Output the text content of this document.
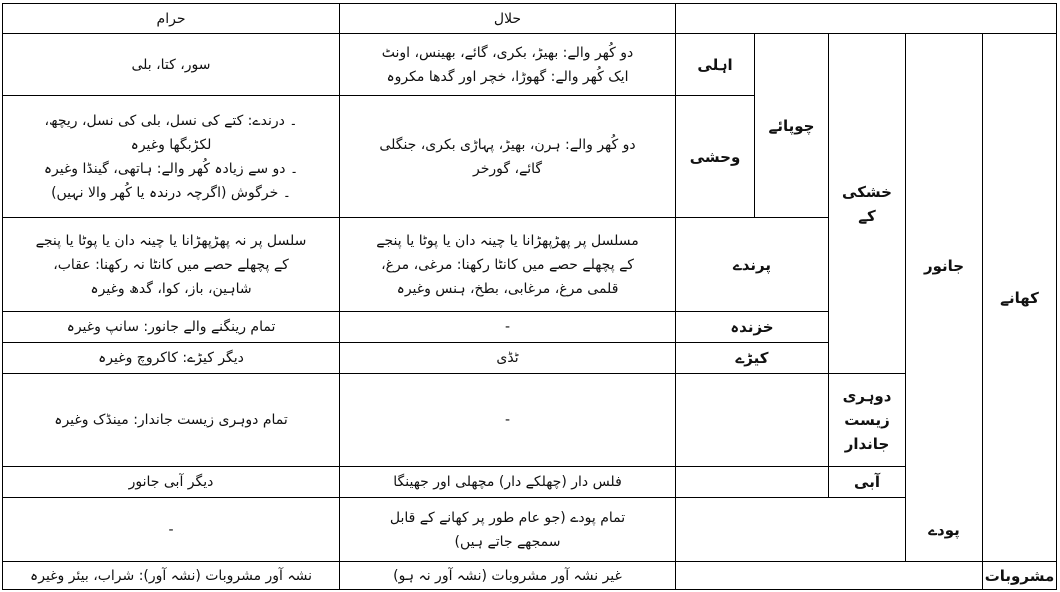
حرام	حلال
کھانے
جانور
خشکی
کے
چوپائے
اہلی
وحشی
پرندے
خزندہ
کیڑے
دوہری
زیست
جاندار
آبی
پودے
مشروبات
دو کُھر والے: بھیڑ، بکری، گائے، بھینس، اونٹ
ایک کُھر والے: گھوڑا، خچر اور گدھا مکروہ
دو کُھر والے: ہرن، بھیڑ، پہاڑی بکری، جنگلی
گائے، گورخر
مسلسل پر پھڑپھڑانا یا چینہ دان یا پوٹا یا پنجے
کے پچھلے حصے میں کانٹا رکھنا: مرغی، مرغ،
قلمی مرغ، مرغابی، بطخ، ہنس وغیرہ
-
ٹڈی
-
فلس دار (چھلکے دار) مچھلی اور جھینگا
تمام پودے (جو عام طور پر کھانے کے قابل
سمجھے جاتے ہیں)
غیر نشہ آور مشروبات (نشہ آور نہ ہو)
سور، کتا، بلی
۔ درندے: کتے کی نسل، بلی کی نسل، ریچھ،
لکڑبگھا وغیرہ
۔ دو سے زیادہ کُھر والے: ہاتھی، گینڈا وغیرہ
۔ خرگوش (اگرچہ درندہ یا کُھر والا نہیں)
سلسل پر نہ پھڑپھڑانا یا چینہ دان یا پوٹا یا پنجے
کے پچھلے حصے میں کانٹا نہ رکھنا: عقاب،
شاہین، باز، کوا، گدھ وغیرہ
تمام رینگنے والے جانور: سانپ وغیرہ
دیگر کیڑے: کاکروچ وغیرہ
تمام دوہری زیست جاندار: مینڈک وغیرہ
دیگر آبی جانور
-
نشہ آور مشروبات (نشہ آور): شراب، بیئر وغیرہ
